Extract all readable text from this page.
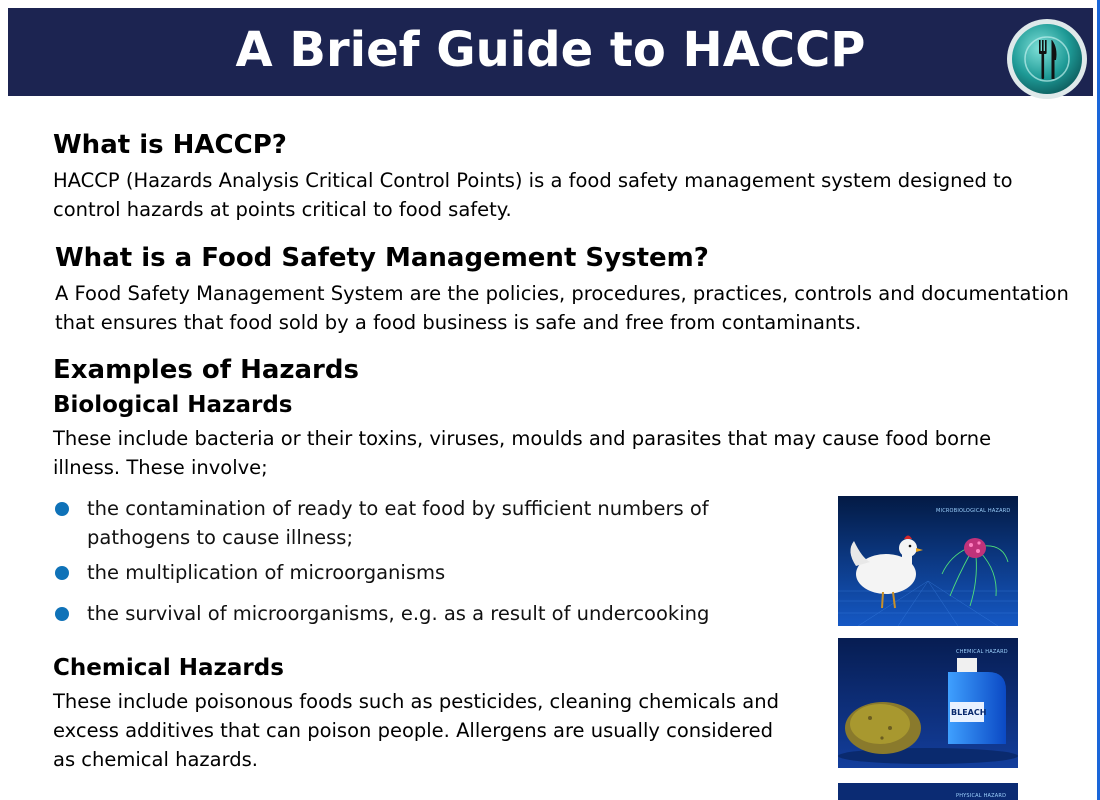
A Brief Guide to HACCP
What is HACCP?

HACCP (Hazards Analysis Critical Control Points) is a food safety management system designed to control hazards at points critical to food safety.

What is a Food Safety Management System?

A Food Safety Management System are the policies, procedures, practices, controls and documentation that ensures that food sold by a food business is safe and free from contaminants.

Examples of Hazards
Biological Hazards

These include bacteria or their toxins, viruses, moulds and parasites that may cause food borne illness. These involve;

the contamination of ready to eat food by sufficient numbers of pathogens to cause illness;
the multiplication of microorganisms
the survival of microorganisms, e.g. as a result of undercooking
Chemical Hazards

These include poisonous foods such as pesticides, cleaning chemicals and excess additives that can poison people. Allergens are usually considered as chemical hazards.

MICROBIOLOGICAL HAZARD
CHEMICAL HAZARD
BLEACH
PHYSICAL HAZARD
